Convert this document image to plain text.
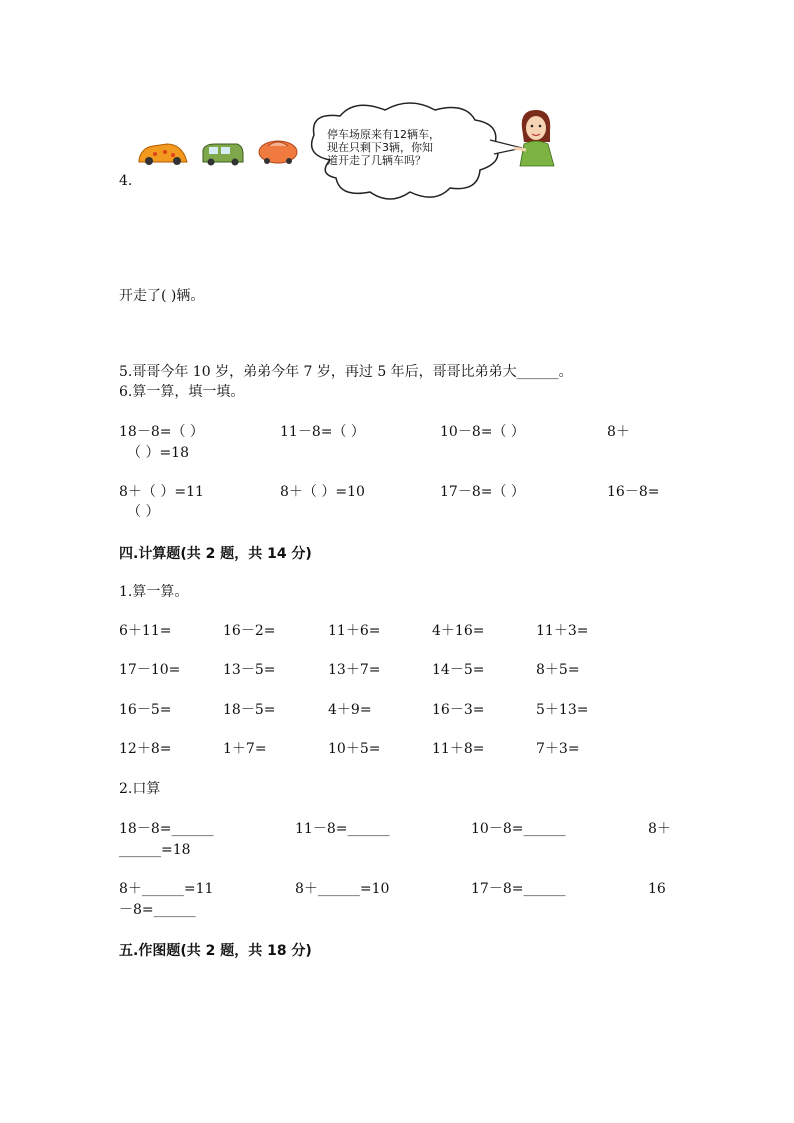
4.
停车场原来有12辆车，
现在只剩下3辆，你知
道开走了几辆车吗？
开走了( )辆。
5.哥哥今年 10 岁，弟弟今年 7 岁，再过 5 年后，哥哥比弟弟大______。
6.算一算，填一填。
18－8=（ ）	11－8=（ ）	10－8=（ ）	8＋
（ ）=18
8＋（ ）=11	8＋（ ）=10	17－8=（ ）	16－8=
（ ）
四.计算题(共 2 题，共 14 分)
1.算一算。
6＋11=	16－2=	11＋6=	4＋16=	11＋3=
17－10=	13－5=	13＋7=	14－5=	8＋5=
16－5=	18－5=	4＋9=	16－3=	5＋13=
12＋8=	1＋7=	10＋5=	11＋8=	7＋3=
2.口算
18－8=______	11－8=______	10－8=______	8＋
______=18
8＋______=11	8＋______=10	17－8=______	16
－8=______
五.作图题(共 2 题，共 18 分)
